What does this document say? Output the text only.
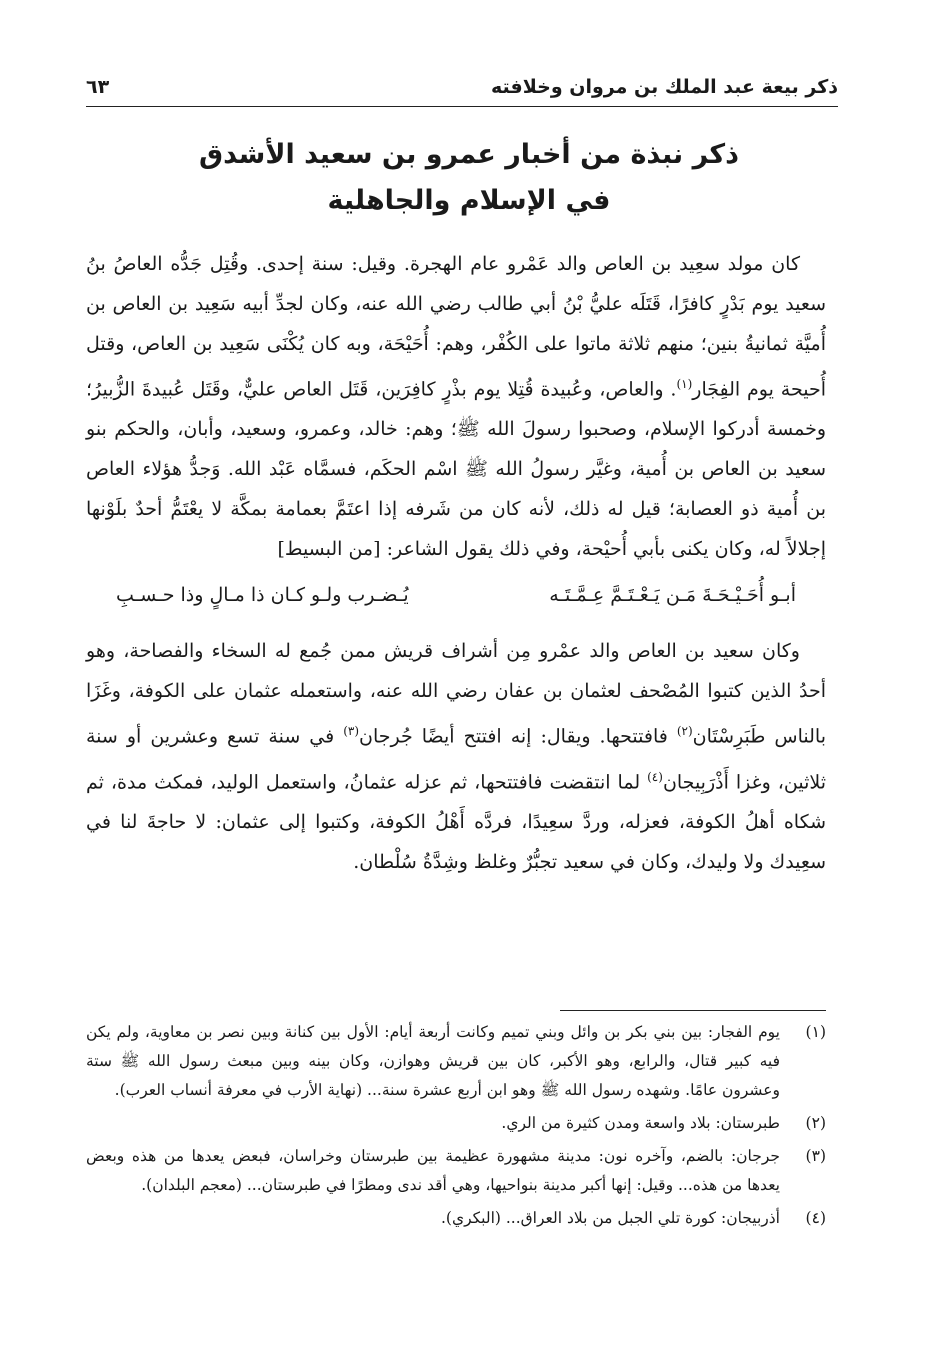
ذكر بيعة عبد الملك بن مروان وخلافته
٦٣
ذكر نبذة من أخبار عمرو بن سعيد الأشدق
في الإسلام والجاهلية

كان مولد سعِيد بن العاص والد عَمْرو عام الهجرة. وقيل: سنة إحدى. وقُتِل جَدُّه العاصُ بنُ سعيد يوم بَدْرٍ كافرًا، قَتَلَه عليُّ بْنُ أبي طالب رضي الله عنه، وكان لجدِّ أبيه سَعِيد بن العاص بن أُميَّة ثمانيةُ بنين؛ منهم ثلاثة ماتوا على الكُفْر، وهم: أُحَيْحَة، وبه كان يُكْنَى سَعِيد بن العاص، وقتل أُحيحة يوم الفِجَار$^{(١)}$. والعاص، وعُبيدة قُتِلا يوم بذْرٍ كافِرَين، قَتَل العاص عليٌّ، وقَتَل عُبيدةَ الزُّبيرُ؛ وخمسة أدركوا الإسلام، وصحبوا رسولَ الله ﷺ؛ وهم: خالد، وعمرو، وسعيد، وأبان، والحكم بنو سعيد بن العاص بن أُمية، وغيَّر رسولُ الله ﷺ اسْم الحكَم، فسمَّاه عَبْد الله. وَجدُّ هؤلاء العاص بن أُمية ذو العصابة؛ قيل له ذلك، لأنه كان من شَرفه إذا اعتَمَّ بعمامة بمكَّة لا يعْتَمُّ أحدٌ بلَوْنها إجلالاً له، وكان يكنى بأبي أُحيْحة، وفي ذلك يقول الشاعر: [من البسيط]

أبـو أُحَـيْـحَـةَ مَـن يَـعْـتَـمَّ عِـمَّـتَـه
يُـضـرب ولـو كـان ذا مـالٍ وذا حـسـبِ

وكان سعيد بن العاص والد عمْرو مِن أشراف قريش ممن جُمع له السخاء والفصاحة، وهو أحدُ الذين كتبوا المُصْحف لعثمان بن عفان رضي الله عنه، واستعمله عثمان على الكوفة، وغَزَا بالناس طَبَرِسْتَان$^{(٢)}$ فافتتحها. ويقال: إنه افتتح أيضًا جُرجان$^{(٣)}$ في سنة تسع وعشرين أو سنة ثلاثين، وغزا أَذْرَبِيجان$^{(٤)}$ لما انتقضت فافتتحها، ثم عزله عثمانُ، واستعمل الوليد، فمكث مدة، ثم شكاه أهلُ الكوفة، فعزله، وردَّ سعِيدًا، فردَّه أَهْلُ الكوفة، وكتبوا إلى عثمان: لا حاجةَ لنا في سعِيدك ولا وليدك، وكان في سعيد تجبُّرٌ وغلظ وشِدَّةُ سُلْطان.

(١)
يوم الفجار: بين بني بكر بن وائل وبني تميم وكانت أربعة أيام: الأول بين كنانة وبين نصر بن معاوية، ولم يكن فيه كبير قتال، والرابع، وهو الأكبر، كان بين قريش وهوازن، وكان بينه وبين مبعث رسول الله ﷺ ستة وعشرون عامًا. وشهده رسول الله ﷺ وهو ابن أربع عشرة سنة... (نهاية الأرب في معرفة أنساب العرب).
(٢)
طبرستان: بلاد واسعة ومدن كثيرة من الري.
(٣)
جرجان: بالضم، وآخره نون: مدينة مشهورة عظيمة بين طبرستان وخراسان، فبعض يعدها من هذه وبعض يعدها من هذه... وقيل: إنها أكبر مدينة بنواحيها، وهي أقد ندى ومطرًا في طبرستان... (معجم البلدان).
(٤)
أذربيجان: كورة تلي الجبل من بلاد العراق... (البكري).
